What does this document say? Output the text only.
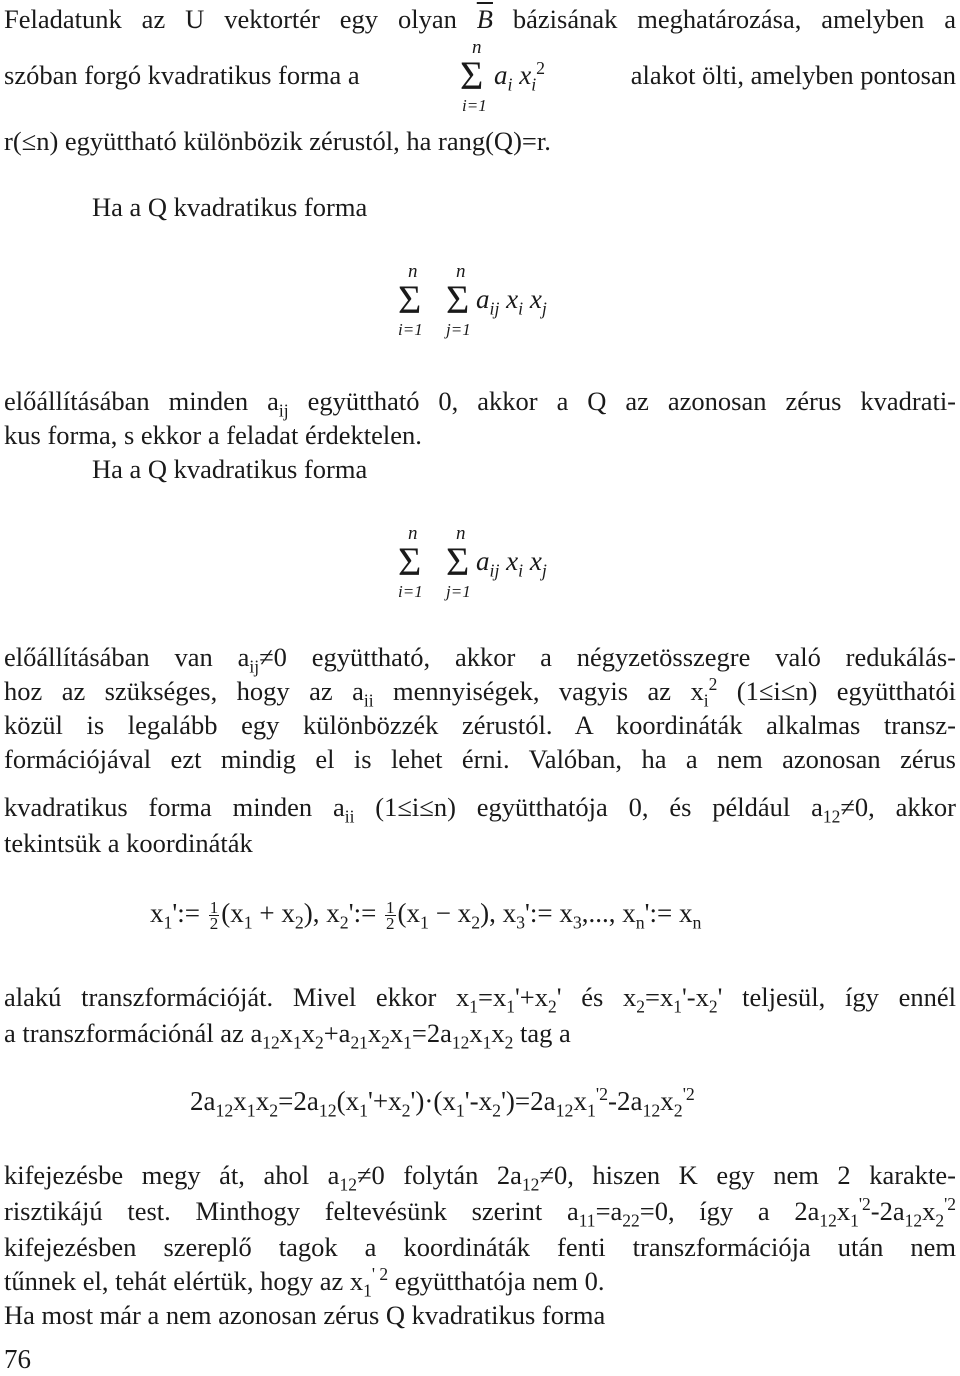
Feladatunk az U vektortér egy olyan $\overline{B}$ bázisának meghatározása, amelyben a
szóban forgó kvadratikus forma a
n
Σ
i=1
$a_i$ $x_i^2$	alakot ölti, amelyben pontosan
r(≤n) együttható különbözik zérustól, ha rang(Q)=r.
Ha a Q kvadratikus forma
n
Σ
i=1
n
Σ
j=1
$a_{ij}$ $x_i$ $x_j$
előállításában minden $a_{ij}$ együttható 0, akkor a Q az azonosan zérus kvadrati-
kus forma, s ekkor a feladat érdektelen.
Ha a Q kvadratikus forma
n
Σ
i=1
n
Σ
j=1
$a_{ij}$ $x_i$ $x_j$
előállításában van $a_{ij}\ne 0$ együttható, akkor a négyzetösszegre való redukálás-
hoz az szükséges, hogy az $a_{ii}$ mennyiségek, vagyis az $x_i^2$ (1≤i≤n) együtthatói
közül is legalább egy különbözzék zérustól. A koordináták alkalmas transz-
formációjával ezt mindig el is lehet érni. Valóban, ha a nem azonosan zérus
kvadratikus forma minden $a_{ii}$ (1≤i≤n) együtthatója 0, és például $a_{12}\ne 0$, akkor
tekintsük a koordináták
$x_1':= \frac{1}{2} (x_1 + x_2)$, $x_2':= \frac{1}{2} (x_1 - x_2)$, $x_3':= x_3$,..., $x_n':= x_n$
alakú transzformációját. Mivel ekkor $x_1=x_1'+x_2'$ és $x_2=x_1'-x_2'$ teljesül, így ennél
a transzformációnál az $a_{12}x_1x_2+a_{21}x_2x_1=2a_{12}x_1x_2$ tag a
$2a_{12}x_1x_2=2a_{12}(x_1'+x_2')\cdot(x_1'-x_2')=2a_{12}x_1^{'2}-2a_{12}x_2^{'2}$
kifejezésbe megy át, ahol $a_{12}\ne 0$ folytán $2a_{12}\ne 0$, hiszen K egy nem 2 karakte-
risztikájú test. Minthogy feltevésünk szerint $a_{11}=a_{22}=0$, így a $2a_{12}x_1^{'2}-2a_{12}x_2^{'2}$
kifejezésben szereplő tagok a koordináták fenti transzformációja után nem
tűnnek el, tehát elértük, hogy az $x_1^{' 2}$ együtthatója nem 0.
Ha most már a nem azonosan zérus Q kvadratikus forma
76
